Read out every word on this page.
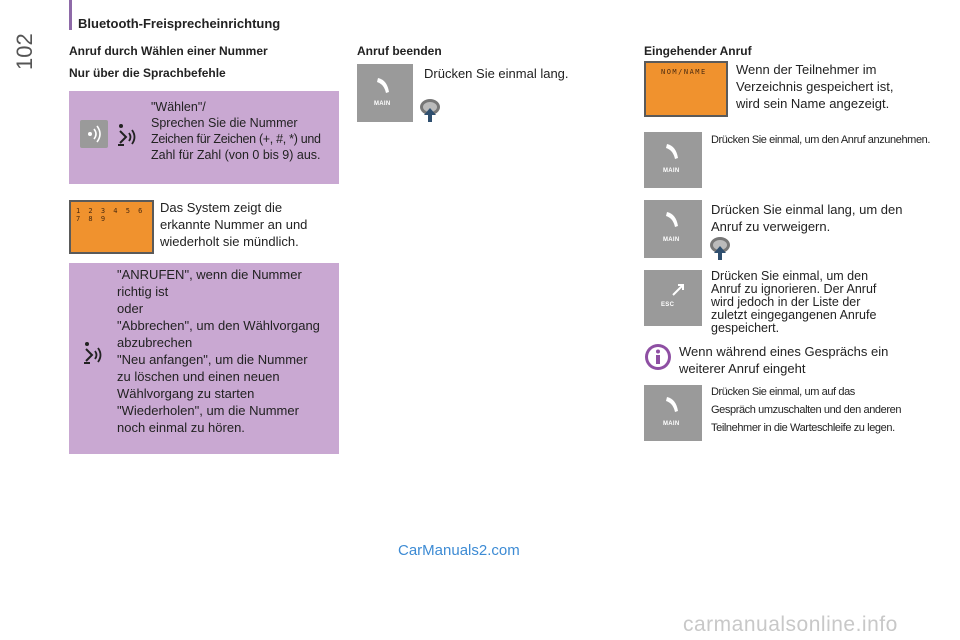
Bluetooth-Freisprecheinrichtung
102	Anruf durch Wählen einer Nummer
Nur über die Sprachbefehle
"Wählen"/
Sprechen Sie die Nummer
Zeichen für Zeichen (+, #, *) und
Zahl für Zahl (von 0 bis 9) aus.
1 2 3 4 5 6 7 8 9
Das System zeigt die
erkannte Nummer an und
wiederholt sie mündlich.
"ANRUFEN", wenn die Nummer
richtig ist
oder
"Abbrechen", um den Wählvorgang
abzubrechen
"Neu anfangen", um die Nummer
zu löschen und einen neuen
Wählvorgang zu starten
"Wiederholen", um die Nummer
noch einmal zu hören.
Anruf beenden
MAIN
Drücken Sie einmal lang.
Eingehender Anruf
NOM/NAME Wenn der Teilnehmer im
Verzeichnis gespeichert ist,
wird sein Name angezeigt.
Drücken Sie einmal, um den Anruf anzunehmen.
MAIN
MAIN
Drücken Sie einmal lang, um den
Anruf zu verweigern.
ESC
Drücken Sie einmal, um den
Anruf zu ignorieren. Der Anruf
wird jedoch in der Liste der
zuletzt eingegangenen Anrufe
gespeichert.
Wenn während eines Gesprächs ein
weiterer Anruf eingeht
MAIN
Drücken Sie einmal, um auf das
Gespräch umzuschalten und den anderen
Teilnehmer in die Warteschleife zu legen.
CarManuals2.com
carmanualsonline.info
